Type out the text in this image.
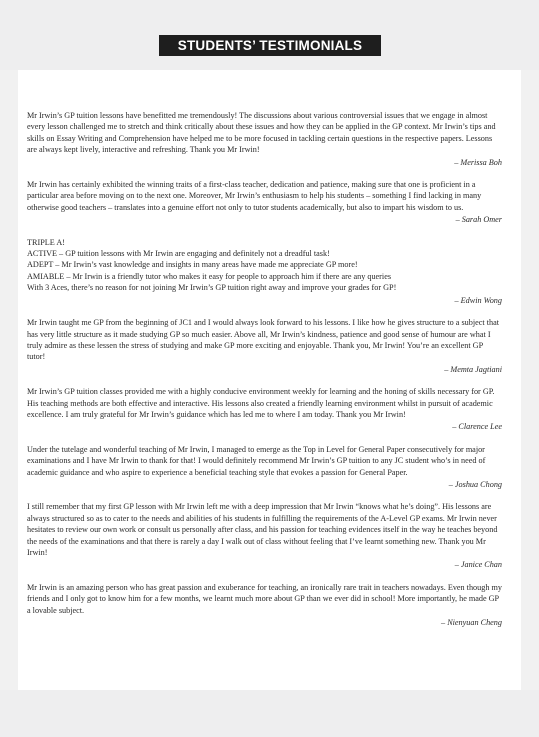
STUDENTS’ TESTIMONIALS

Mr Irwin’s GP tuition lessons have benefitted me tremendously! The discussions about various controversial issues that we engage in almost every lesson challenged me to stretch and think critically about these issues and how they can be applied in the GP context. Mr Irwin’s tips and skills on Essay Writing and Comprehension have helped me to be more focused in tackling certain questions in the respective papers. Lessons are always kept lively, interactive and refreshing. Thank you Mr Irwin!

– Merissa Boh

Mr Irwin has certainly exhibited the winning traits of a first-class teacher, dedication and patience, making sure that one is proficient in a particular area before moving on to the next one. Moreover, Mr Irwin’s enthusiasm to help his students – something I find lacking in many otherwise good teachers – translates into a genuine effort not only to tutor students academically, but also to impart his wisdom to us.

– Sarah Omer

TRIPLE A!

ACTIVE – GP tuition lessons with Mr Irwin are engaging and definitely not a dreadful task!

ADEPT – Mr Irwin’s vast knowledge and insights in many areas have made me appreciate GP more!

AMIABLE – Mr Irwin is a friendly tutor who makes it easy for people to approach him if there are any queries

With 3 Aces, there’s no reason for not joining Mr Irwin’s GP tuition right away and improve your grades for GP!

– Edwin Wong

Mr Irwin taught me GP from the beginning of JC1 and I would always look forward to his lessons. I like how he gives structure to a subject that has very little structure as it made studying GP so much easier. Above all, Mr Irwin’s kindness, patience and good sense of humour are what I truly admire as these lessen the stress of studying and make GP more exciting and enjoyable. Thank you, Mr Irwin! You’re an excellent GP tutor!

– Memta Jagtiani

Mr Irwin’s GP tuition classes provided me with a highly conducive environment weekly for learning and the honing of skills necessary for GP. His teaching methods are both effective and interactive. His lessons also created a friendly learning environment whilst in pursuit of academic excellence. I am truly grateful for Mr Irwin’s guidance which has led me to where I am today. Thank you Mr Irwin!

– Clarence Lee

Under the tutelage and wonderful teaching of Mr Irwin, I managed to emerge as the Top in Level for General Paper consecutively for major examinations and I have Mr Irwin to thank for that! I would definitely recommend Mr Irwin’s GP tuition to any JC student who’s in need of academic guidance and who aspire to experience a beneficial teaching style that evokes a passion for General Paper.

– Joshua Chong

I still remember that my first GP lesson with Mr Irwin left me with a deep impression that Mr Irwin “knows what he’s doing”. His lessons are always structured so as to cater to the needs and abilities of his students in fulfilling the requirements of the A-Level GP exams. Mr Irwin never hesitates to review our own work or consult us personally after class, and his passion for teaching evidences itself in the way he teaches beyond the needs of the examinations and that there is rarely a day I walk out of class without feeling that I’ve learnt something new. Thank you Mr Irwin!

– Janice Chan

Mr Irwin is an amazing person who has great passion and exuberance for teaching, an ironically rare trait in teachers nowadays. Even though my friends and I only got to know him for a few months, we learnt much more about GP than we ever did in school! More importantly, he made GP a lovable subject.

– Nienyuan Cheng
